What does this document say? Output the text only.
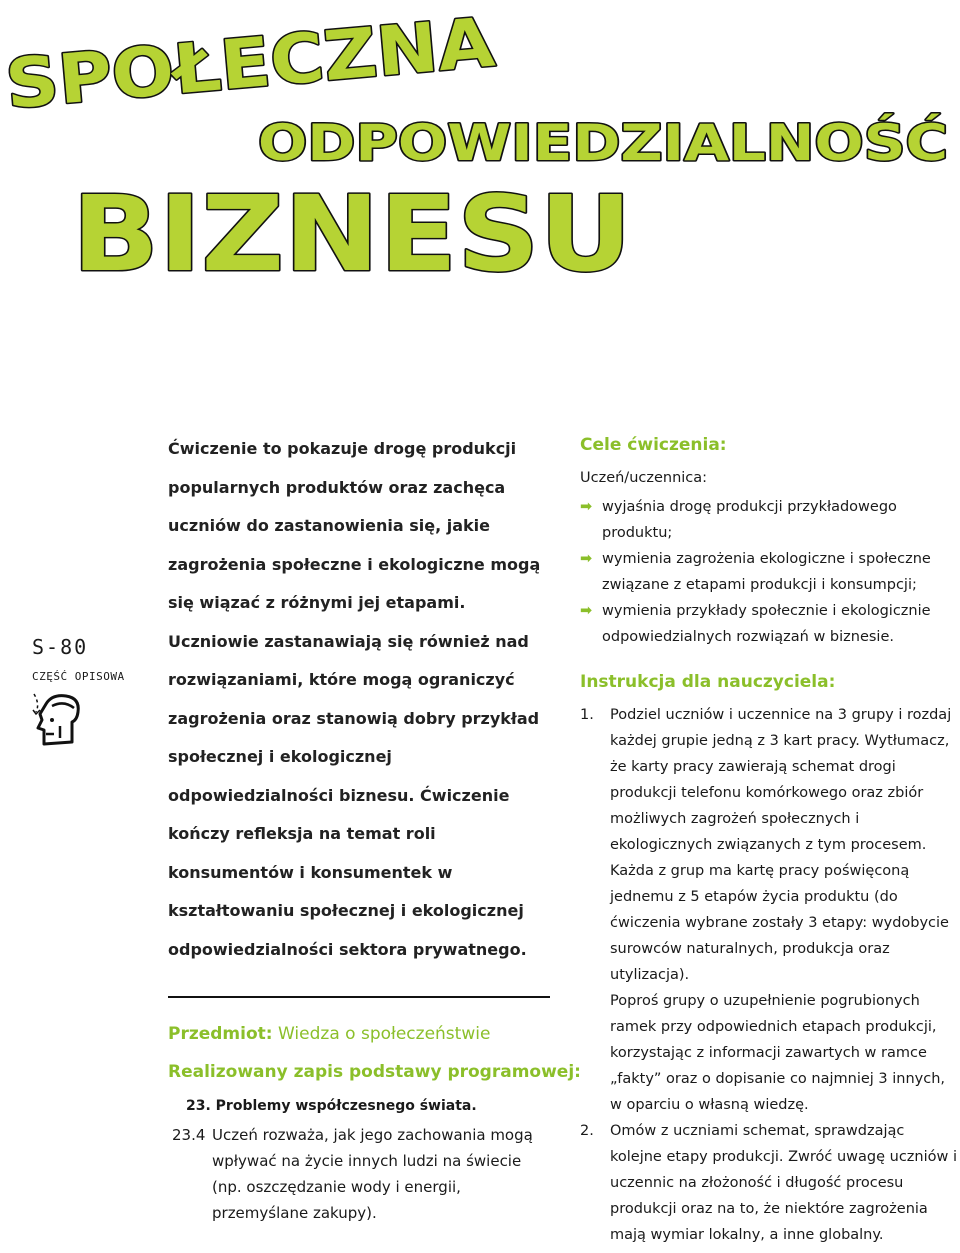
SPOŁECZNA
ODPOWIEDZIALNOŚĆ
BIZNESU
S-80
CZĘŚĆ OPISOWA

Ćwiczenie to pokazuje drogę produkcji popularnych produktów oraz zachęca uczniów do zastanowienia się, jakie zagrożenia społeczne i ekologiczne mogą się wiązać z różnymi jej etapami. Uczniowie zastanawiają się również nad rozwiązaniami, które mogą ograniczyć zagrożenia oraz stanowią dobry przykład społecznej i ekologicznej odpowiedzialności biznesu. Ćwiczenie kończy refleksja na temat roli konsumentów i konsumentek w kształtowaniu społecznej i ekologicznej odpowiedzialności sektora prywatnego.

Przedmiot: Wiedza o społeczeństwie
Realizowany zapis podstawy programowej:
23. Problemy współczesnego świata.
23.4 Uczeń rozważa, jak jego zachowania mogą wpływać na życie innych ludzi na świecie (np. oszczędzanie wody i energii, przemyślane zakupy).
Cele ćwiczenia:
Uczeń/uczennica:
➡ wyjaśnia drogę produkcji przykładowego produktu;
➡ wymienia zagrożenia ekologiczne i społeczne związane z etapami produkcji i konsumpcji;
➡ wymienia przykłady społecznie i ekologicznie odpowiedzialnych rozwiązań w biznesie.
Instrukcja dla nauczyciela:
1. Podziel uczniów i uczennice na 3 grupy i rozdaj każdej grupie jedną z 3 kart pracy. Wytłumacz, że karty pracy zawierają schemat drogi produkcji telefonu komórkowego oraz zbiór możliwych zagrożeń społecznych i ekologicznych związanych z tym procesem. Każda z grup ma kartę pracy poświęconą jednemu z 5 etapów życia produktu (do ćwiczenia wybrane zostały 3 etapy: wydobycie surowców naturalnych, produkcja oraz utylizacja).

Poproś grupy o uzupełnienie pogrubionych ramek przy odpowiednich etapach produkcji, korzystając z informacji zawartych w ramce „fakty” oraz o dopisanie co najmniej 3 innych, w oparciu o własną wiedzę.

2. Omów z uczniami schemat, sprawdzając kolejne etapy produkcji. Zwróć uwagę uczniów i uczennic na złożoność i długość procesu produkcji oraz na to, że niektóre zagrożenia mają wymiar lokalny, a inne globalny.
